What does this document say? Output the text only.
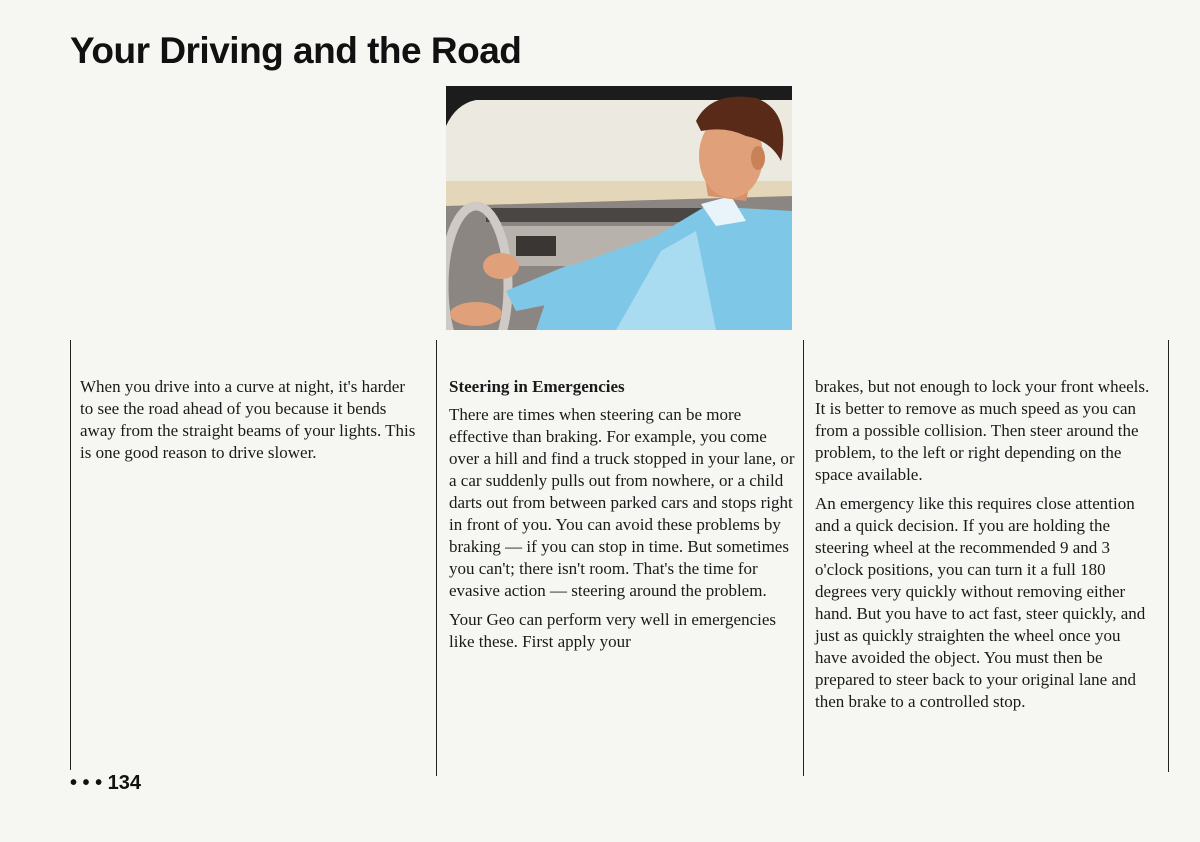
Your Driving and the Road

When you drive into a curve at night, it's harder to see the road ahead of you because it bends away from the straight beams of your lights. This is one good reason to drive slower.

Steering in Emergencies

There are times when steering can be more effective than braking. For example, you come over a hill and find a truck stopped in your lane, or a car suddenly pulls out from nowhere, or a child darts out from between parked cars and stops right in front of you. You can avoid these problems by braking — if you can stop in time. But sometimes you can't; there isn't room. That's the time for evasive action — steering around the problem.

Your Geo can perform very well in emergencies like these. First apply your

brakes, but not enough to lock your front wheels. It is better to remove as much speed as you can from a possible collision. Then steer around the problem, to the left or right depending on the space available.

An emergency like this requires close attention and a quick decision. If you are holding the steering wheel at the recommended 9 and 3 o'clock positions, you can turn it a full 180 degrees very quickly without removing either hand. But you have to act fast, steer quickly, and just as quickly straighten the wheel once you have avoided the object. You must then be prepared to steer back to your original lane and then brake to a controlled stop.

• • • 134
